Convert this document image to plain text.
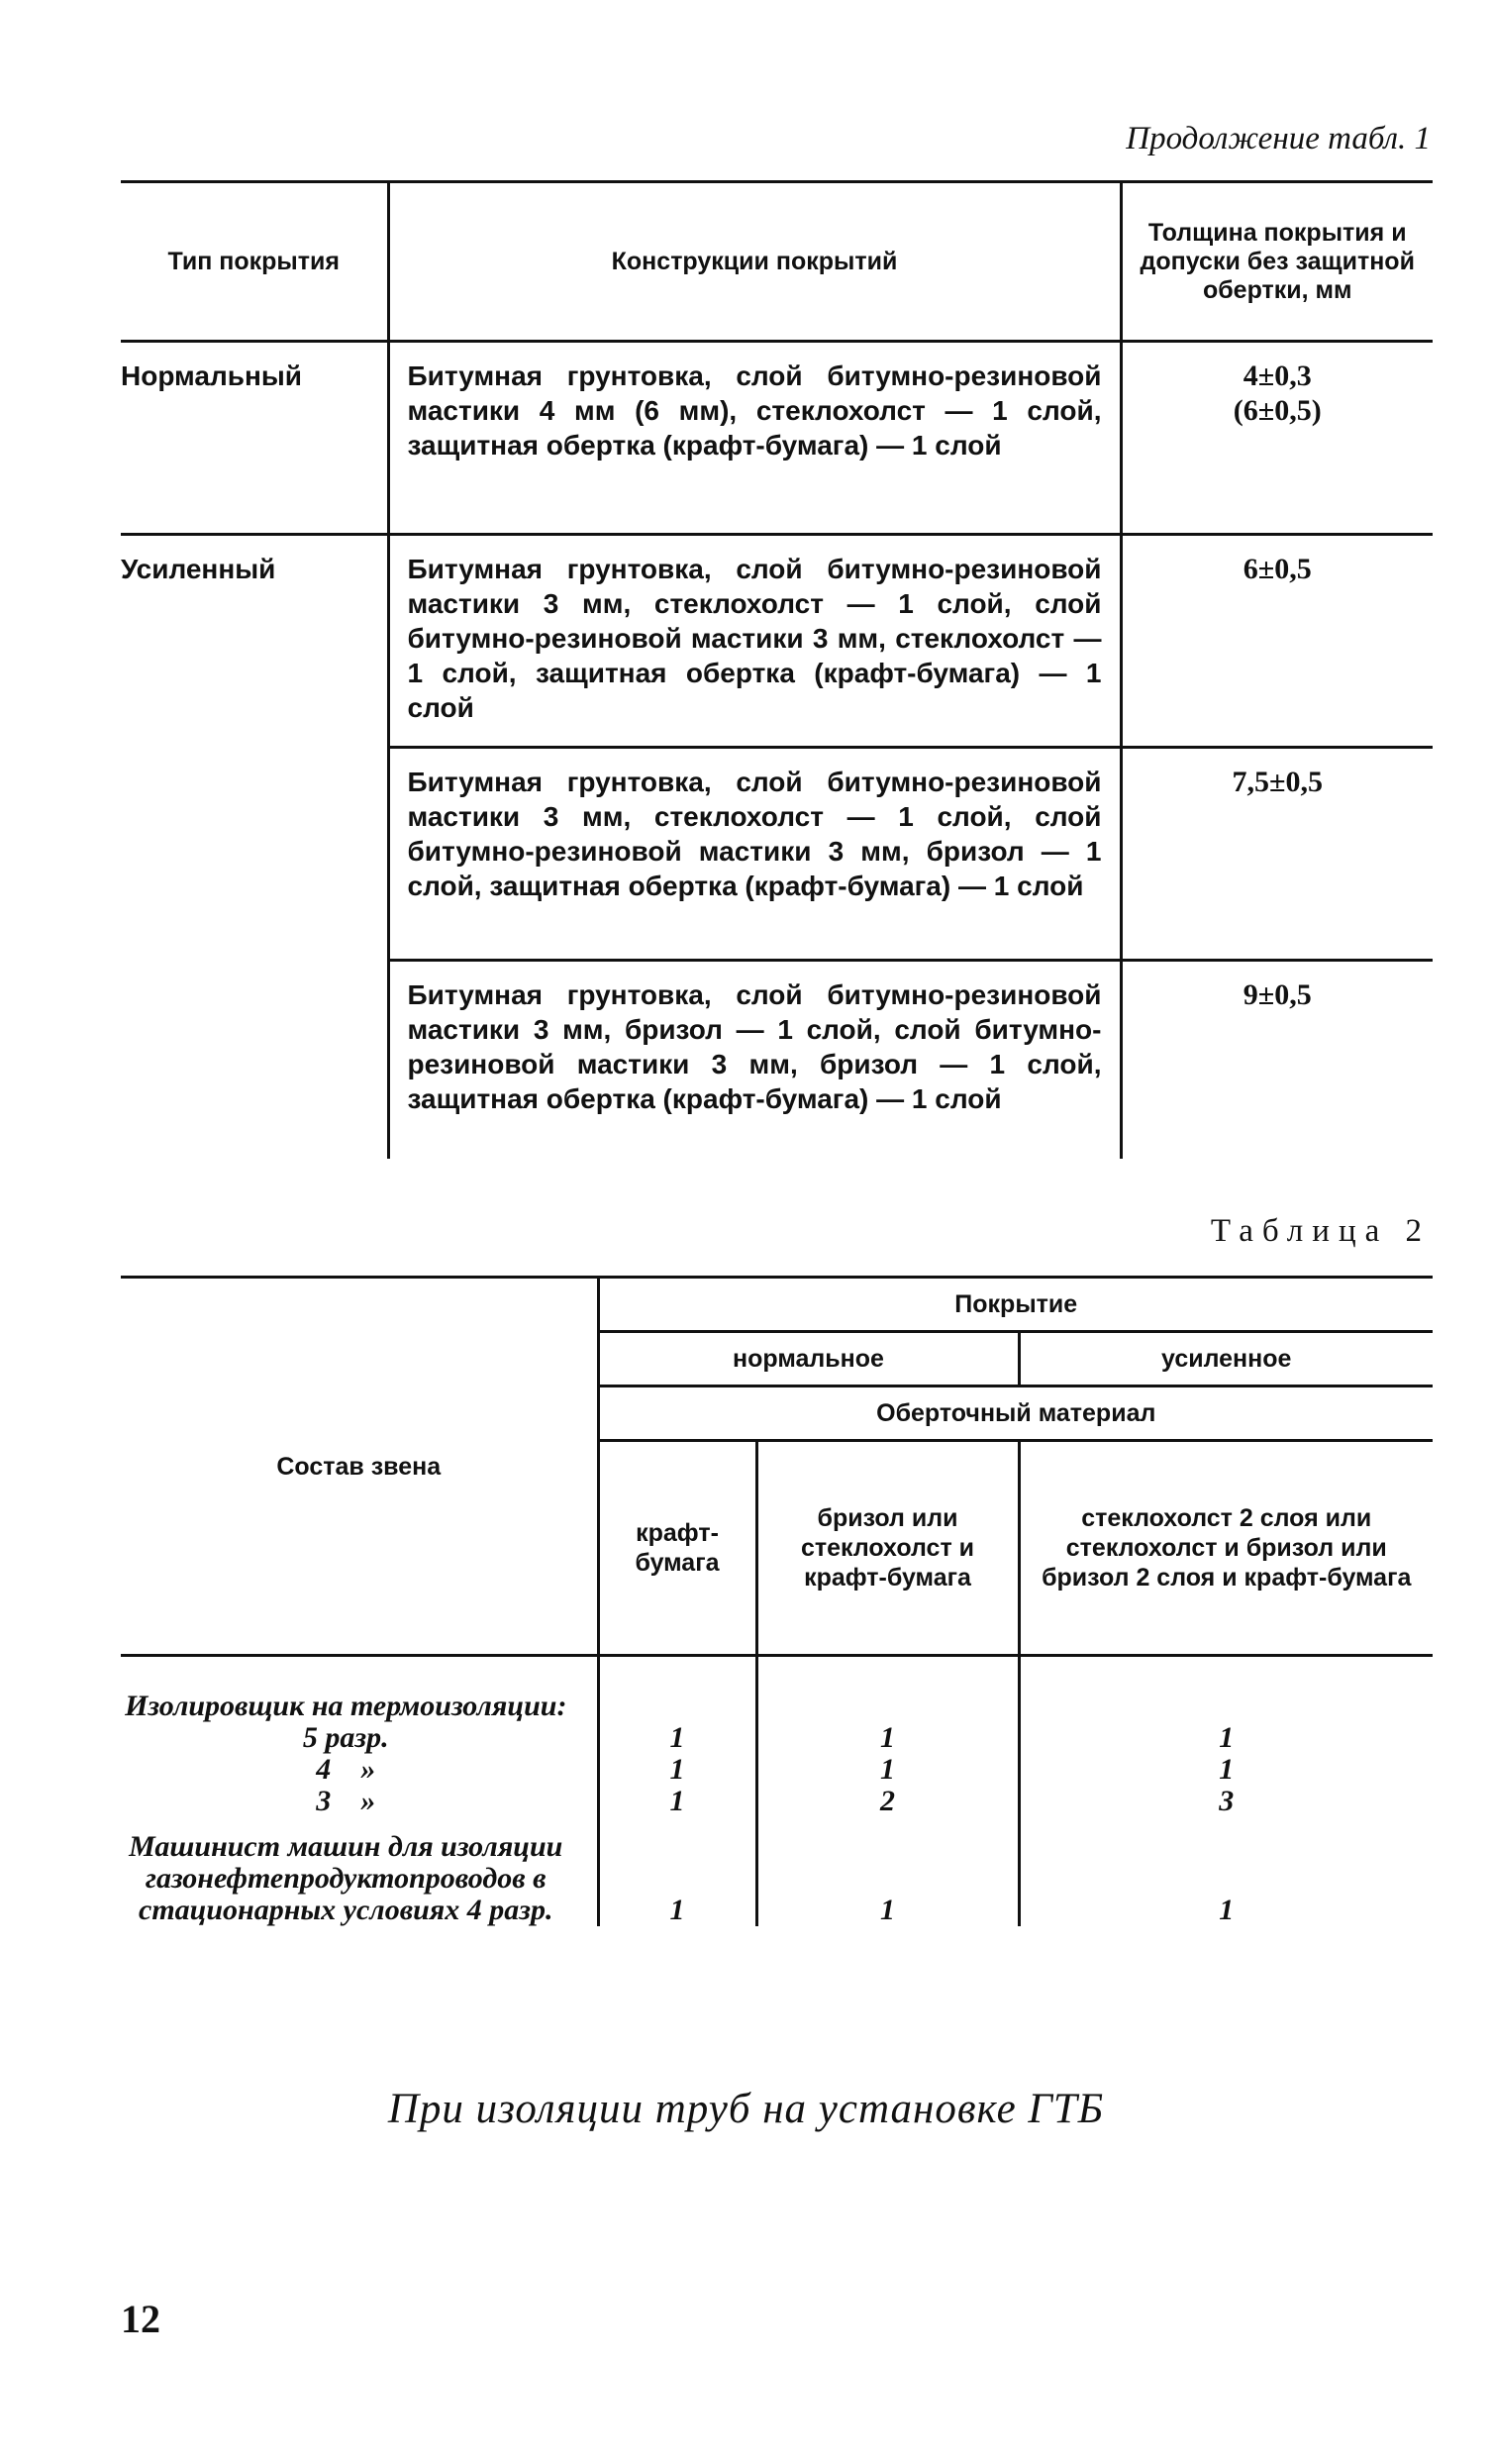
Продолжение табл. 1
Тип покрытия	Конструкции покрытий	Толщина покрытия и допуски без защитной обертки, мм
Нормальный	Битумная грунтовка, слой битумно-резиновой мастики 4 мм (6 мм), стеклохолст — 1 слой, защитная обертка (крафт-бумага) — 1 слой	4±0,3
(6±0,5)

Усиленный	Битумная грунтовка, слой битумно-резиновой мастики 3 мм, стеклохолст — 1 слой, слой битумно-резиновой мастики 3 мм, стеклохолст — 1 слой, защитная обертка (крафт-бумага) — 1 слой	6±0,5
	Битумная грунтовка, слой битумно-резиновой мастики 3 мм, стеклохолст — 1 слой, слой битумно-резиновой мастики 3 мм, бризол — 1 слой, защитная обертка (крафт-бумага) — 1 слой	7,5±0,5
	Битумная грунтовка, слой битумно-резиновой мастики 3 мм, бризол — 1 слой, слой битумно-резиновой мастики 3 мм, бризол — 1 слой, защитная обертка (крафт-бумага) — 1 слой	9±0,5
Таблица 2
Состав звена	Покрытие		
	нормальное		усиленное
	Оберточный материал		
	крафт-бумага	бризол или стеклохолст и крафт-бумага	стеклохолст 2 слоя или стеклохолст и бризол или бризол 2 слоя и крафт-бумага
Изолировщик на термоизоляции:			
5 разр.	1	1	1
4    »	1	1	1
3    »	1	2	3

Машинист машин для изоляции газонефтепродуктопроводов в стационарных условиях 4 разр.	1	1	1
При изоляции труб на установке ГТБ
12
